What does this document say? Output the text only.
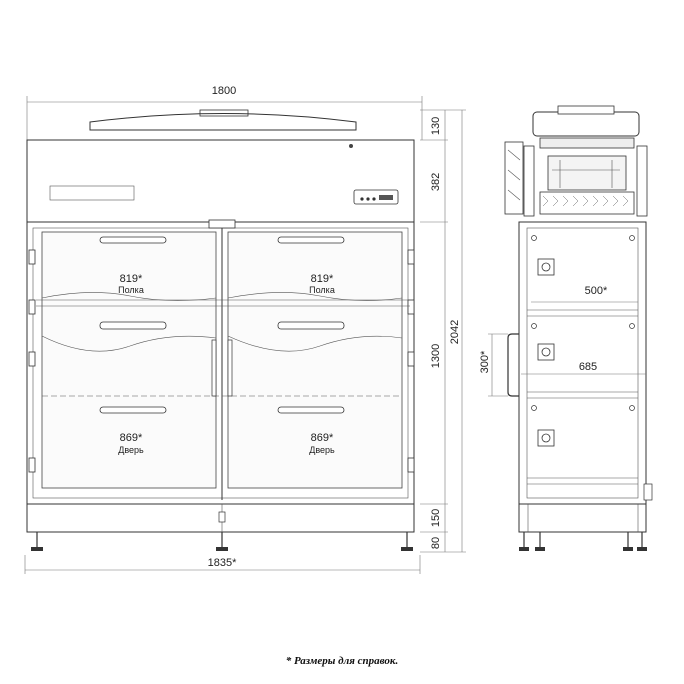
1800
819*
Полка
819*
Полка
869*
Дверь
869*
Дверь
1835*
130
382
1300
150
80
2042
500*
685
300*
* Размеры для справок.
